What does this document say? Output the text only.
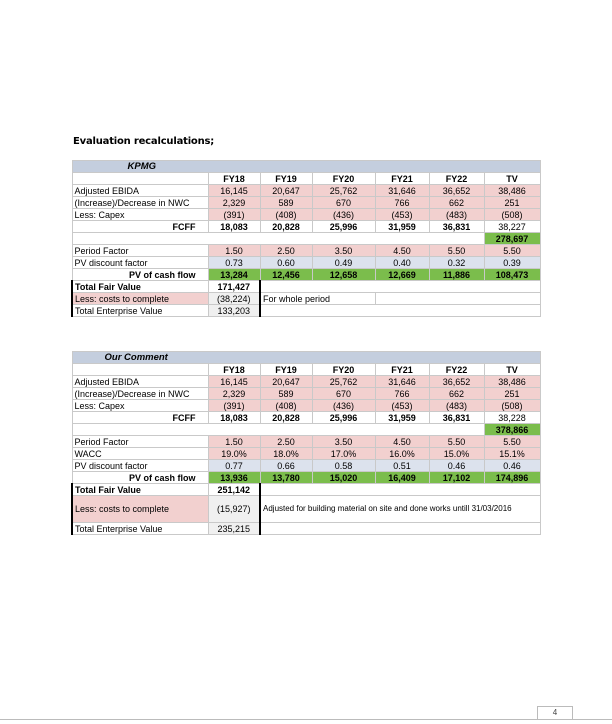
Evaluation recalculations;
KPMG						
	FY18	FY19	FY20	FY21	FY22	TV
Adjusted EBIDA	16,145	20,647	25,762	31,646	36,652	38,486
(Increase)/Decrease in NWC	2,329	589	670	766	662	251
Less: Capex	(391)	(408)	(436)	(453)	(483)	(508)
FCFF	18,083	20,828	25,996	31,959	36,831	38,227
						278,697
Period Factor	1.50	2.50	3.50	4.50	5.50	5.50
PV discount factor	0.73	0.60	0.49	0.40	0.32	0.39
PV of cash flow	13,284	12,456	12,658	12,669	11,886	108,473
Total Fair Value	171,427					
Less: costs to complete	(38,224)	For whole period				
Total Enterprise Value	133,203					
Our Comment						
	FY18	FY19	FY20	FY21	FY22	TV
Adjusted EBIDA	16,145	20,647	25,762	31,646	36,652	38,486
(Increase)/Decrease in NWC	2,329	589	670	766	662	251
Less: Capex	(391)	(408)	(436)	(453)	(483)	(508)
FCFF	18,083	20,828	25,996	31,959	36,831	38,228
						378,866
Period Factor	1.50	2.50	3.50	4.50	5.50	5.50
WACC	19.0%	18.0%	17.0%	16.0%	15.0%	15.1%
PV discount factor	0.77	0.66	0.58	0.51	0.46	0.46
PV of cash flow	13,936	13,780	15,020	16,409	17,102	174,896
Total Fair Value	251,142					
Less: costs to complete	(15,927)	Adjusted for building material on site and done works untill 31/03/2016				
Total Enterprise Value	235,215					
4
